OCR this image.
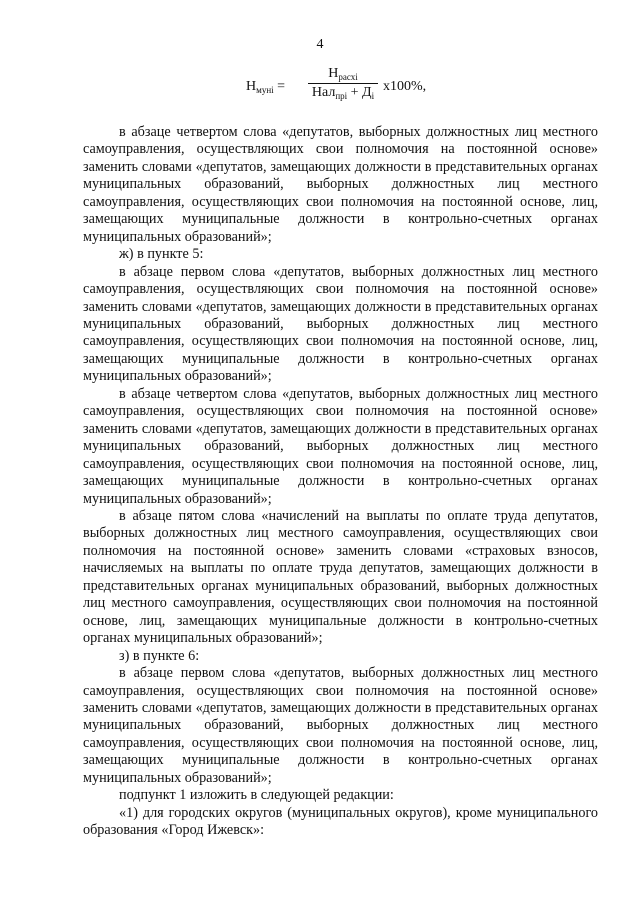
4
$Н_{мунi}$ =
$Н_{расхi}$
$Нал_{прi} + Д_i$
х100%,

в абзаце четвертом слова «депутатов, выборных должностных лиц местного самоуправления, осуществляющих свои полномочия на постоянной основе» заменить словами «депутатов, замещающих должности в представительных органах муниципальных образований, выборных должностных лиц местного самоуправления, осуществляющих свои полномочия на постоянной основе, лиц, замещающих муниципальные должности в контрольно-счетных органах муниципальных образований»;

ж) в пункте 5:

в абзаце первом слова «депутатов, выборных должностных лиц местного самоуправления, осуществляющих свои полномочия на постоянной основе» заменить словами «депутатов, замещающих должности в представительных органах муниципальных образований, выборных должностных лиц местного самоуправления, осуществляющих свои полномочия на постоянной основе, лиц, замещающих муниципальные должности в контрольно-счетных органах муниципальных образований»;

в абзаце четвертом слова «депутатов, выборных должностных лиц местного самоуправления, осуществляющих свои полномочия на постоянной основе» заменить словами «депутатов, замещающих должности в представительных органах муниципальных образований, выборных должностных лиц местного самоуправления, осуществляющих свои полномочия на постоянной основе, лиц, замещающих муниципальные должности в контрольно-счетных органах муниципальных образований»;

в абзаце пятом слова «начислений на выплаты по оплате труда депутатов, выборных должностных лиц местного самоуправления, осуществляющих свои полномочия на постоянной основе» заменить словами «страховых взносов, начисляемых на выплаты по оплате труда депутатов, замещающих должности в представительных органах муниципальных образований, выборных должностных лиц местного самоуправления, осуществляющих свои полномочия на постоянной основе, лиц, замещающих муниципальные должности в контрольно-счетных органах муниципальных образований»;

з) в пункте 6:

в абзаце первом слова «депутатов, выборных должностных лиц местного самоуправления, осуществляющих свои полномочия на постоянной основе» заменить словами «депутатов, замещающих должности в представительных органах муниципальных образований, выборных должностных лиц местного самоуправления, осуществляющих свои полномочия на постоянной основе, лиц, замещающих муниципальные должности в контрольно-счетных органах муниципальных образований»;

подпункт 1 изложить в следующей редакции:

«1) для городских округов (муниципальных округов), кроме муниципального образования «Город Ижевск»:
